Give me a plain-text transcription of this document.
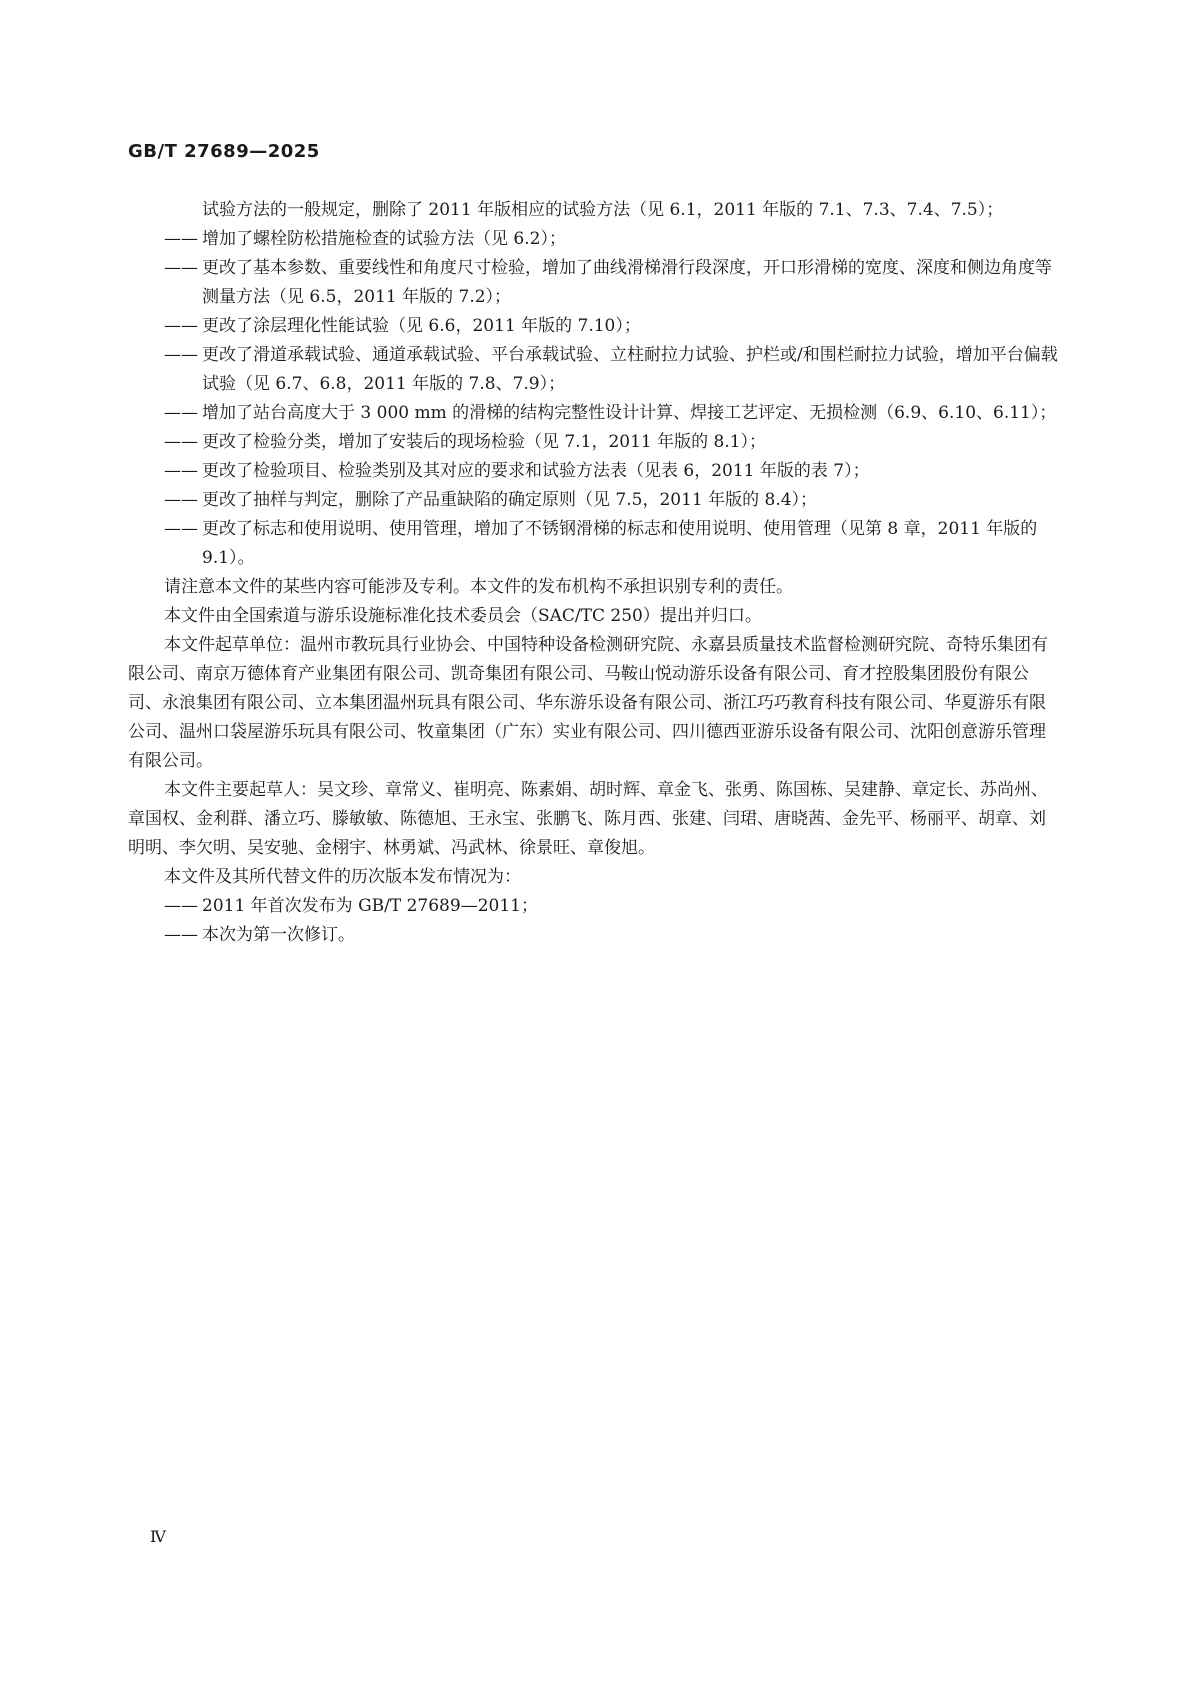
GB/T 27689—2025

试验方法的一般规定，删除了 2011 年版相应的试验方法（见 6.1，2011 年版的 7.1、7.3、7.4、7.5）；

—— 增加了螺栓防松措施检查的试验方法（见 6.2）；

—— 更改了基本参数、重要线性和角度尺寸检验，增加了曲线滑梯滑行段深度，开口形滑梯的宽度、深度和侧边角度等测量方法（见 6.5，2011 年版的 7.2）；

—— 更改了涂层理化性能试验（见 6.6，2011 年版的 7.10）；

—— 更改了滑道承载试验、通道承载试验、平台承载试验、立柱耐拉力试验、护栏或/和围栏耐拉力试验，增加平台偏载试验（见 6.7、6.8，2011 年版的 7.8、7.9）；

—— 增加了站台高度大于 3 000 mm 的滑梯的结构完整性设计计算、焊接工艺评定、无损检测（6.9、6.10、6.11）；

—— 更改了检验分类，增加了安装后的现场检验（见 7.1，2011 年版的 8.1）；

—— 更改了检验项目、检验类别及其对应的要求和试验方法表（见表 6，2011 年版的表 7）；

—— 更改了抽样与判定，删除了产品重缺陷的确定原则（见 7.5，2011 年版的 8.4）；

—— 更改了标志和使用说明、使用管理，增加了不锈钢滑梯的标志和使用说明、使用管理（见第 8 章，2011 年版的 9.1）。

请注意本文件的某些内容可能涉及专利。本文件的发布机构不承担识别专利的责任。

本文件由全国索道与游乐设施标准化技术委员会（SAC/TC 250）提出并归口。

本文件起草单位：温州市教玩具行业协会、中国特种设备检测研究院、永嘉县质量技术监督检测研究院、奇特乐集团有限公司、南京万德体育产业集团有限公司、凯奇集团有限公司、马鞍山悦动游乐设备有限公司、育才控股集团股份有限公司、永浪集团有限公司、立本集团温州玩具有限公司、华东游乐设备有限公司、浙江巧巧教育科技有限公司、华夏游乐有限公司、温州口袋屋游乐玩具有限公司、牧童集团（广东）实业有限公司、四川德西亚游乐设备有限公司、沈阳创意游乐管理有限公司。

本文件主要起草人：吴文珍、章常义、崔明亮、陈素娟、胡时辉、章金飞、张勇、陈国栋、吴建静、章定长、苏尚州、章国权、金利群、潘立巧、滕敏敏、陈德旭、王永宝、张鹏飞、陈月西、张建、闫珺、唐晓茜、金先平、杨丽平、胡章、刘明明、李欠明、吴安驰、金栩宇、林勇斌、冯武林、徐景旺、章俊旭。

本文件及其所代替文件的历次版本发布情况为：

—— 2011 年首次发布为 GB/T 27689—2011；

—— 本次为第一次修订。

Ⅳ
